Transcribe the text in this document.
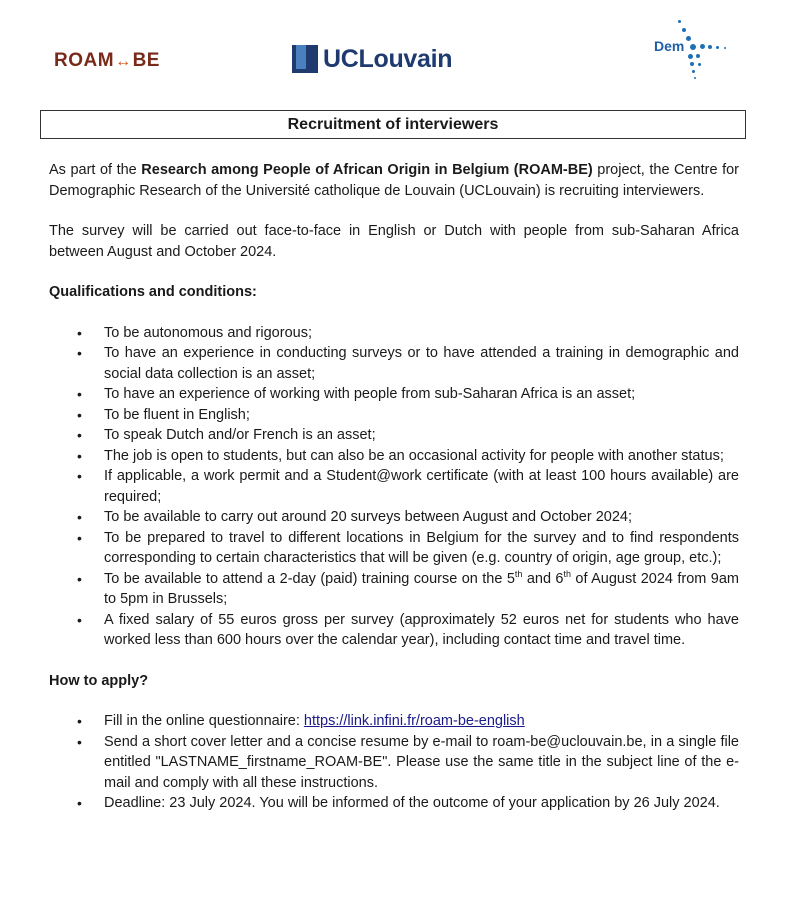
ROAM↔BE	UCLouvain	Dem
Recruitment of interviewers

As part of the Research among People of African Origin in Belgium (ROAM-BE) project, the Centre for Demographic Research of the Université catholique de Louvain (UCLouvain) is recruiting interviewers.

The survey will be carried out face-to-face in English or Dutch with people from sub-Saharan Africa between August and October 2024.

Qualifications and conditions:
• To be autonomous and rigorous;
• To have an experience in conducting surveys or to have attended a training in demographic and social data collection is an asset;
• To have an experience of working with people from sub-Saharan Africa is an asset;
• To be fluent in English;
• To speak Dutch and/or French is an asset;
• The job is open to students, but can also be an occasional activity for people with another status;
• If applicable, a work permit and a Student@work certificate (with at least 100 hours available) are required;
• To be available to carry out around 20 surveys between August and October 2024;
• To be prepared to travel to different locations in Belgium for the survey and to find respondents corresponding to certain characteristics that will be given (e.g. country of origin, age group, etc.);
• To be available to attend a 2-day (paid) training course on the 5th and 6th of August 2024 from 9am to 5pm in Brussels;
• A fixed salary of 55 euros gross per survey (approximately 52 euros net for students who have worked less than 600 hours over the calendar year), including contact time and travel time.
How to apply?
• Fill in the online questionnaire: https://link.infini.fr/roam-be-english
• Send a short cover letter and a concise resume by e-mail to roam-be@uclouvain.be, in a single file entitled "LASTNAME_firstname_ROAM-BE". Please use the same title in the subject line of the e-mail and comply with all these instructions.
• Deadline: 23 July 2024. You will be informed of the outcome of your application by 26 July 2024.
